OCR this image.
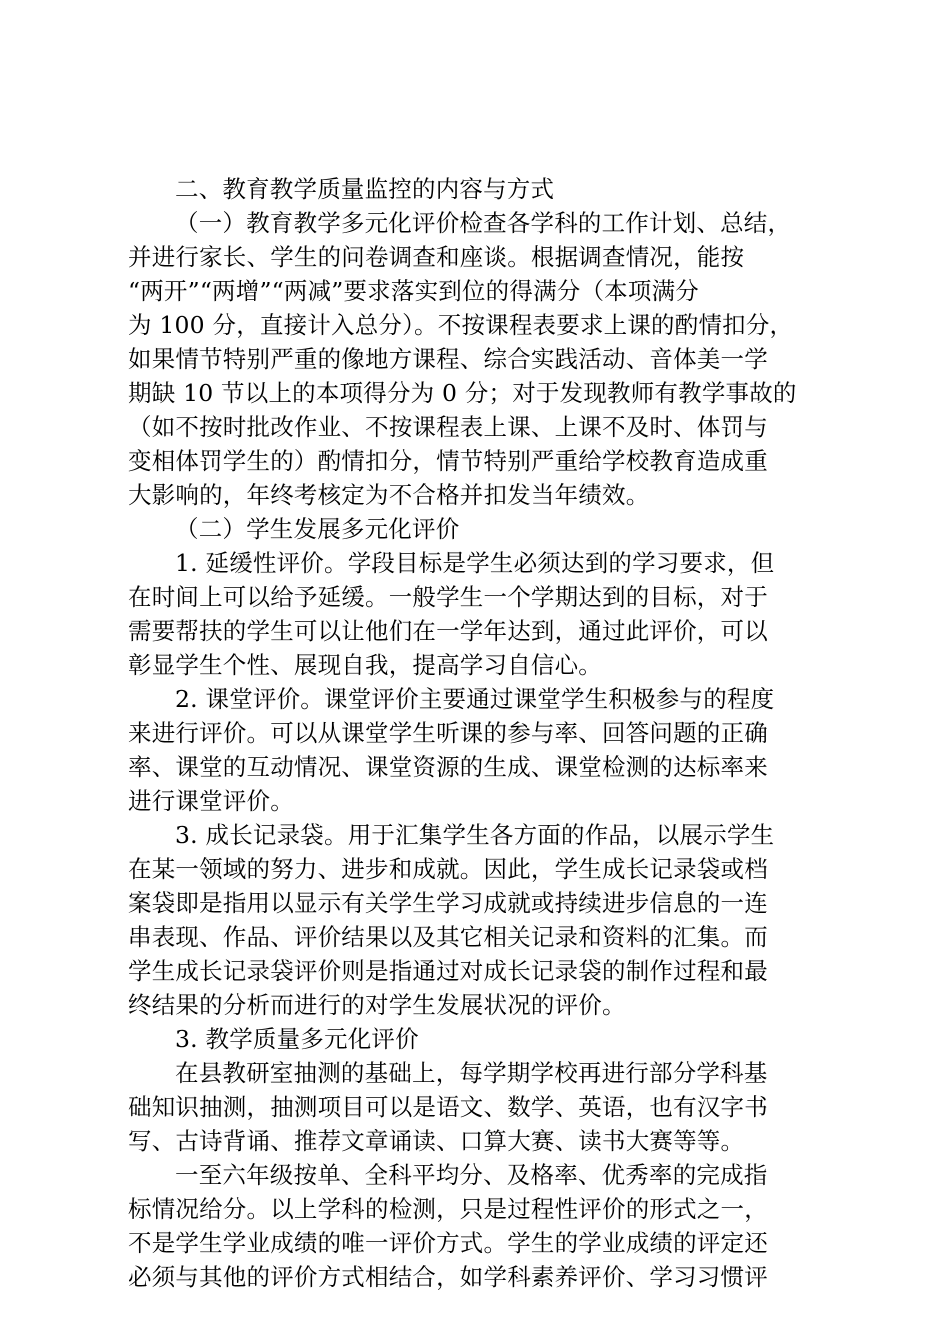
二、教育教学质量监控的内容与方式
（一）教育教学多元化评价检查各学科的工作计划、总结，
并进行家长、学生的问卷调查和座谈。根据调查情况，能按
“两开”“两增”“两减”要求落实到位的得满分（本项满分
为 100 分，直接计入总分）。不按课程表要求上课的酌情扣分，
如果情节特别严重的像地方课程、综合实践活动、音体美一学
期缺 10 节以上的本项得分为 0 分；对于发现教师有教学事故的
（如不按时批改作业、不按课程表上课、上课不及时、体罚与
变相体罚学生的）酌情扣分，情节特别严重给学校教育造成重
大影响的，年终考核定为不合格并扣发当年绩效。
（二）学生发展多元化评价
1. 延缓性评价。学段目标是学生必须达到的学习要求，但
在时间上可以给予延缓。一般学生一个学期达到的目标，对于
需要帮扶的学生可以让他们在一学年达到，通过此评价，可以
彰显学生个性、展现自我，提高学习自信心。
2. 课堂评价。课堂评价主要通过课堂学生积极参与的程度
来进行评价。可以从课堂学生听课的参与率、回答问题的正确
率、课堂的互动情况、课堂资源的生成、课堂检测的达标率来
进行课堂评价。
3. 成长记录袋。用于汇集学生各方面的作品，以展示学生
在某一领域的努力、进步和成就。因此，学生成长记录袋或档
案袋即是指用以显示有关学生学习成就或持续进步信息的一连
串表现、作品、评价结果以及其它相关记录和资料的汇集。而
学生成长记录袋评价则是指通过对成长记录袋的制作过程和最
终结果的分析而进行的对学生发展状况的评价。
3. 教学质量多元化评价
在县教研室抽测的基础上，每学期学校再进行部分学科基
础知识抽测，抽测项目可以是语文、数学、英语，也有汉字书
写、古诗背诵、推荐文章诵读、口算大赛、读书大赛等等。
一至六年级按单、全科平均分、及格率、优秀率的完成指
标情况给分。以上学科的检测，只是过程性评价的形式之一，
不是学生学业成绩的唯一评价方式。学生的学业成绩的评定还
必须与其他的评价方式相结合，如学科素养评价、学习习惯评
